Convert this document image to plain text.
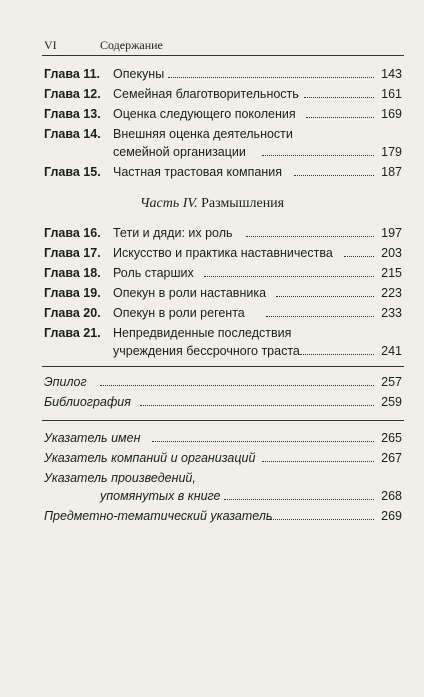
VI	Содержание
Глава 11. Опекуны	143
Глава 12. Семейная благотворительность	161
Глава 13. Оценка следующего поколения	169
Глава 14. Внешняя оценка деятельности
семейной организации	179
Глава 15. Частная трастовая компания	187
Часть IV. Размышления
Глава 16. Тети и дяди: их роль	197
Глава 17. Искусство и практика наставничества	203
Глава 18. Роль старших	215
Глава 19. Опекун в роли наставника	223
Глава 20. Опекун в роли регента	233
Глава 21. Непредвиденные последствия
учреждения бессрочного траста	241
Эпилог	257
Библиография	259
Указатель имен	265
Указатель компаний и организаций	267
Указатель произведений,
упомянутых в книге	268
Предметно-тематический указатель	269
